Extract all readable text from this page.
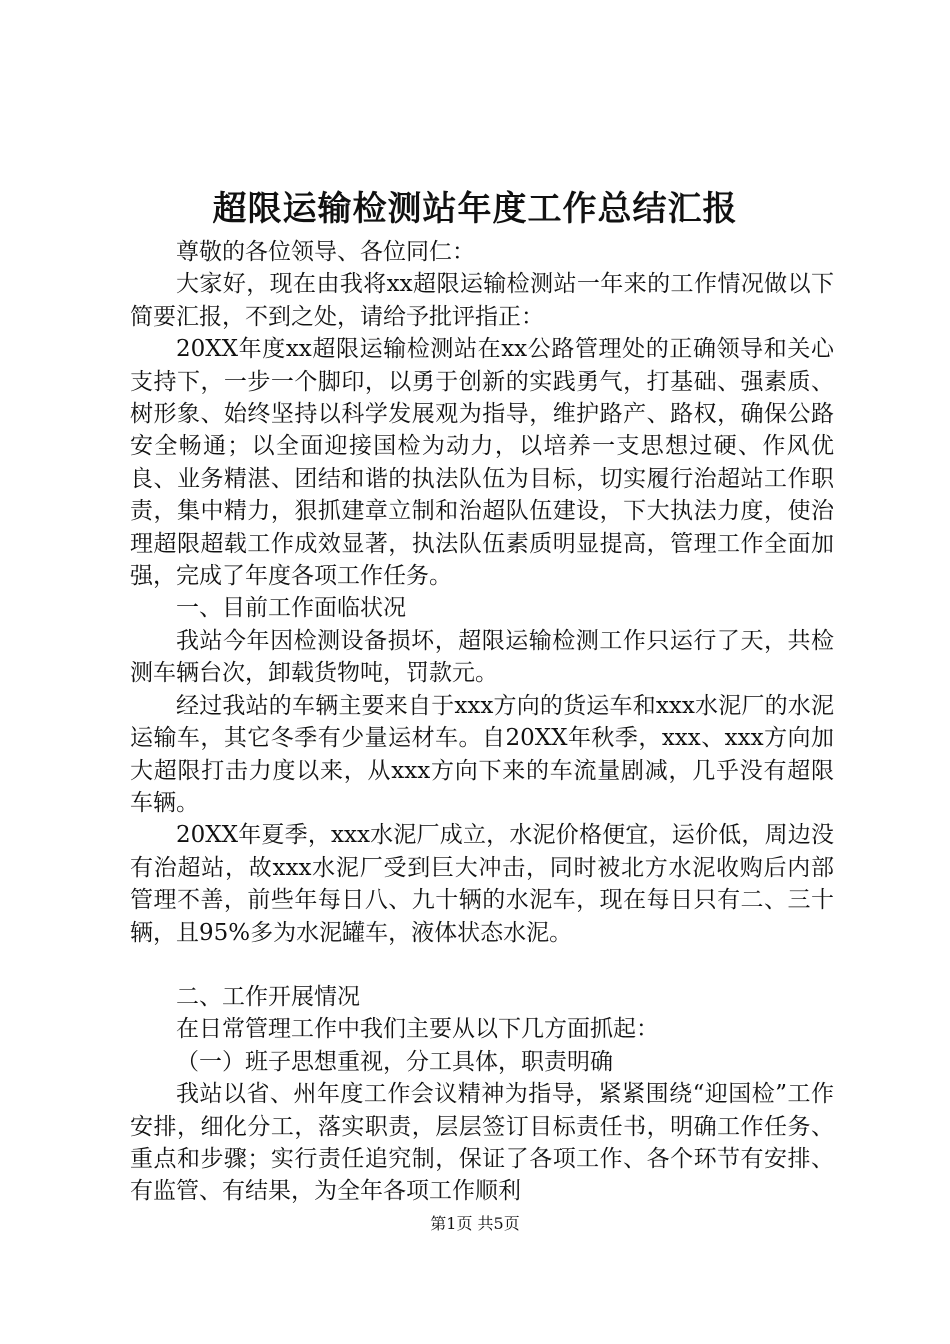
超限运输检测站年度工作总结汇报

尊敬的各位领导、各位同仁：

大家好，现在由我将xx超限运输检测站一年来的工作情况做以下简要汇报，不到之处，请给予批评指正：

20XX年度xx超限运输检测站在xx公路管理处的正确领导和关心支持下，一步一个脚印，以勇于创新的实践勇气，打基础、强素质、树形象、始终坚持以科学发展观为指导，维护路产、路权，确保公路安全畅通；以全面迎接国检为动力，以培养一支思想过硬、作风优良、业务精湛、团结和谐的执法队伍为目标，切实履行治超站工作职责，集中精力，狠抓建章立制和治超队伍建设，下大执法力度，使治理超限超载工作成效显著，执法队伍素质明显提高，管理工作全面加强，完成了年度各项工作任务。

一、目前工作面临状况

我站今年因检测设备损坏，超限运输检测工作只运行了天，共检测车辆台次，卸载货物吨，罚款元。

经过我站的车辆主要来自于xxx方向的货运车和xxx水泥厂的水泥运输车，其它冬季有少量运材车。自20XX年秋季，xxx、xxx方向加大超限打击力度以来，从xxx方向下来的车流量剧减，几乎没有超限车辆。

20XX年夏季，xxx水泥厂成立，水泥价格便宜，运价低，周边没有治超站，故xxx水泥厂受到巨大冲击，同时被北方水泥收购后内部管理不善，前些年每日八、九十辆的水泥车，现在每日只有二、三十辆，且95%多为水泥罐车，液体状态水泥。

二、工作开展情况

在日常管理工作中我们主要从以下几方面抓起：

（一）班子思想重视，分工具体，职责明确

我站以省、州年度工作会议精神为指导，紧紧围绕“迎国检”工作安排，细化分工，落实职责，层层签订目标责任书，明确工作任务、重点和步骤；实行责任追究制，保证了各项工作、各个环节有安排、有监管、有结果，为全年各项工作顺利

第1页 共5页
